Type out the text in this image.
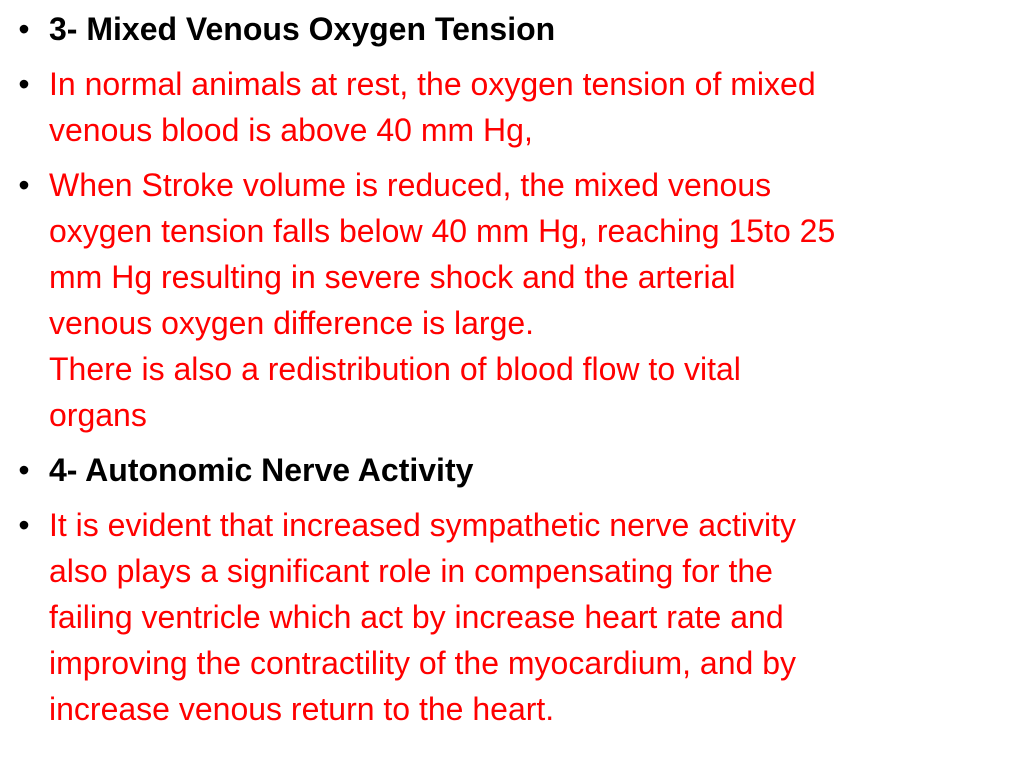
• 3- Mixed Venous Oxygen Tension
• In normal animals at rest, the oxygen tension of mixed
venous blood is above 40 mm Hg,
• When Stroke volume is reduced, the mixed venous
oxygen tension falls below 40 mm Hg, reaching 15to 25
mm Hg resulting in severe shock and the arterial
venous oxygen difference is large.
There is also a redistribution of blood flow to vital
organs
• 4- Autonomic Nerve Activity
• It is evident that increased sympathetic nerve activity
also plays a significant role in compensating for the
failing ventricle which act by increase heart rate and
improving the contractility of the myocardium, and by
increase venous return to the heart.
